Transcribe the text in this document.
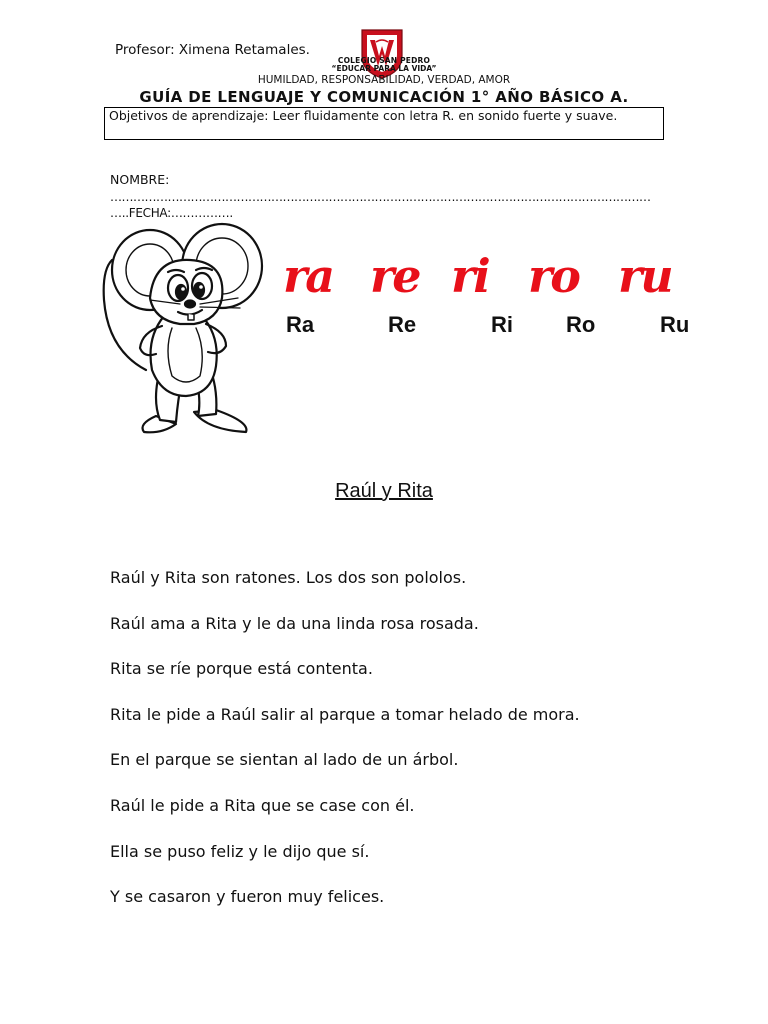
Profesor: Ximena Retamales.
COLEGIO SAN PEDRO
“EDUCAR PARA LA VIDA”
HUMILDAD, RESPONSABILIDAD, VERDAD, AMOR
GUÍA DE LENGUAJE Y COMUNICACIÓN 1° AÑO BÁSICO A.
Objetivos de aprendizaje: Leer fluidamente con letra R. en sonido fuerte y suave.
NOMBRE:
……………………………………………………………………………………………………………………………
…..FECHA:…………….
ra re ri ro ru
Ra	Re	Ri Ro	Ru
Raúl y Rita
Raúl y Rita son ratones. Los dos son pololos.
Raúl ama a Rita y le da una linda rosa rosada.
Rita se ríe porque está contenta.
Rita le pide a Raúl salir al parque a tomar helado de mora.
En el parque se sientan al lado de un árbol.
Raúl le pide a Rita que se case con él.
Ella se puso feliz y le dijo que sí.
Y se casaron y fueron muy felices.
